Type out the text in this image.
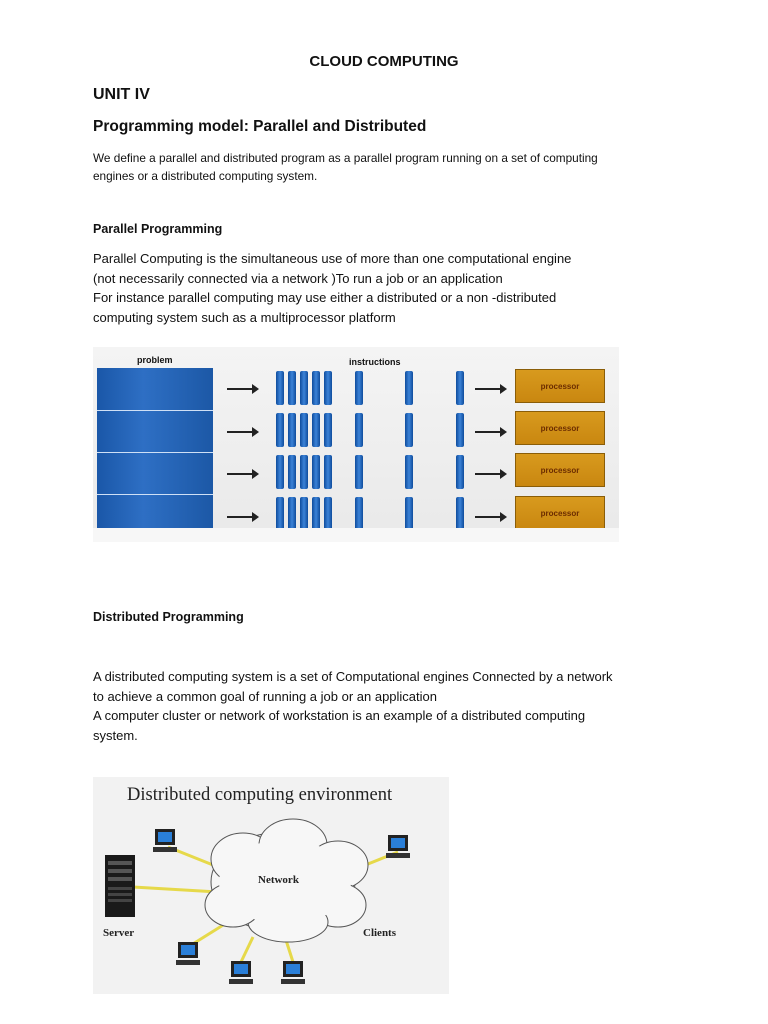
CLOUD COMPUTING
UNIT IV
Programming model: Parallel and Distributed
We define a parallel and distributed program as a parallel program running on a set of computing
engines or a distributed computing system.
Parallel Programming
Parallel Computing is the simultaneous use of more than one computational engine
(not necessarily connected via a network )To run a job or an application
For instance parallel computing may use either a distributed or a non -distributed
computing system such as a multiprocessor platform
problem	instructions
processor
processor
processor
processor
Distributed Programming
A distributed computing system is a set of Computational engines Connected by a network
to achieve a common goal of running a job or an application
A computer cluster or network of workstation is an example of a distributed computing
system.
Distributed computing environment
Network
Server	Clients
